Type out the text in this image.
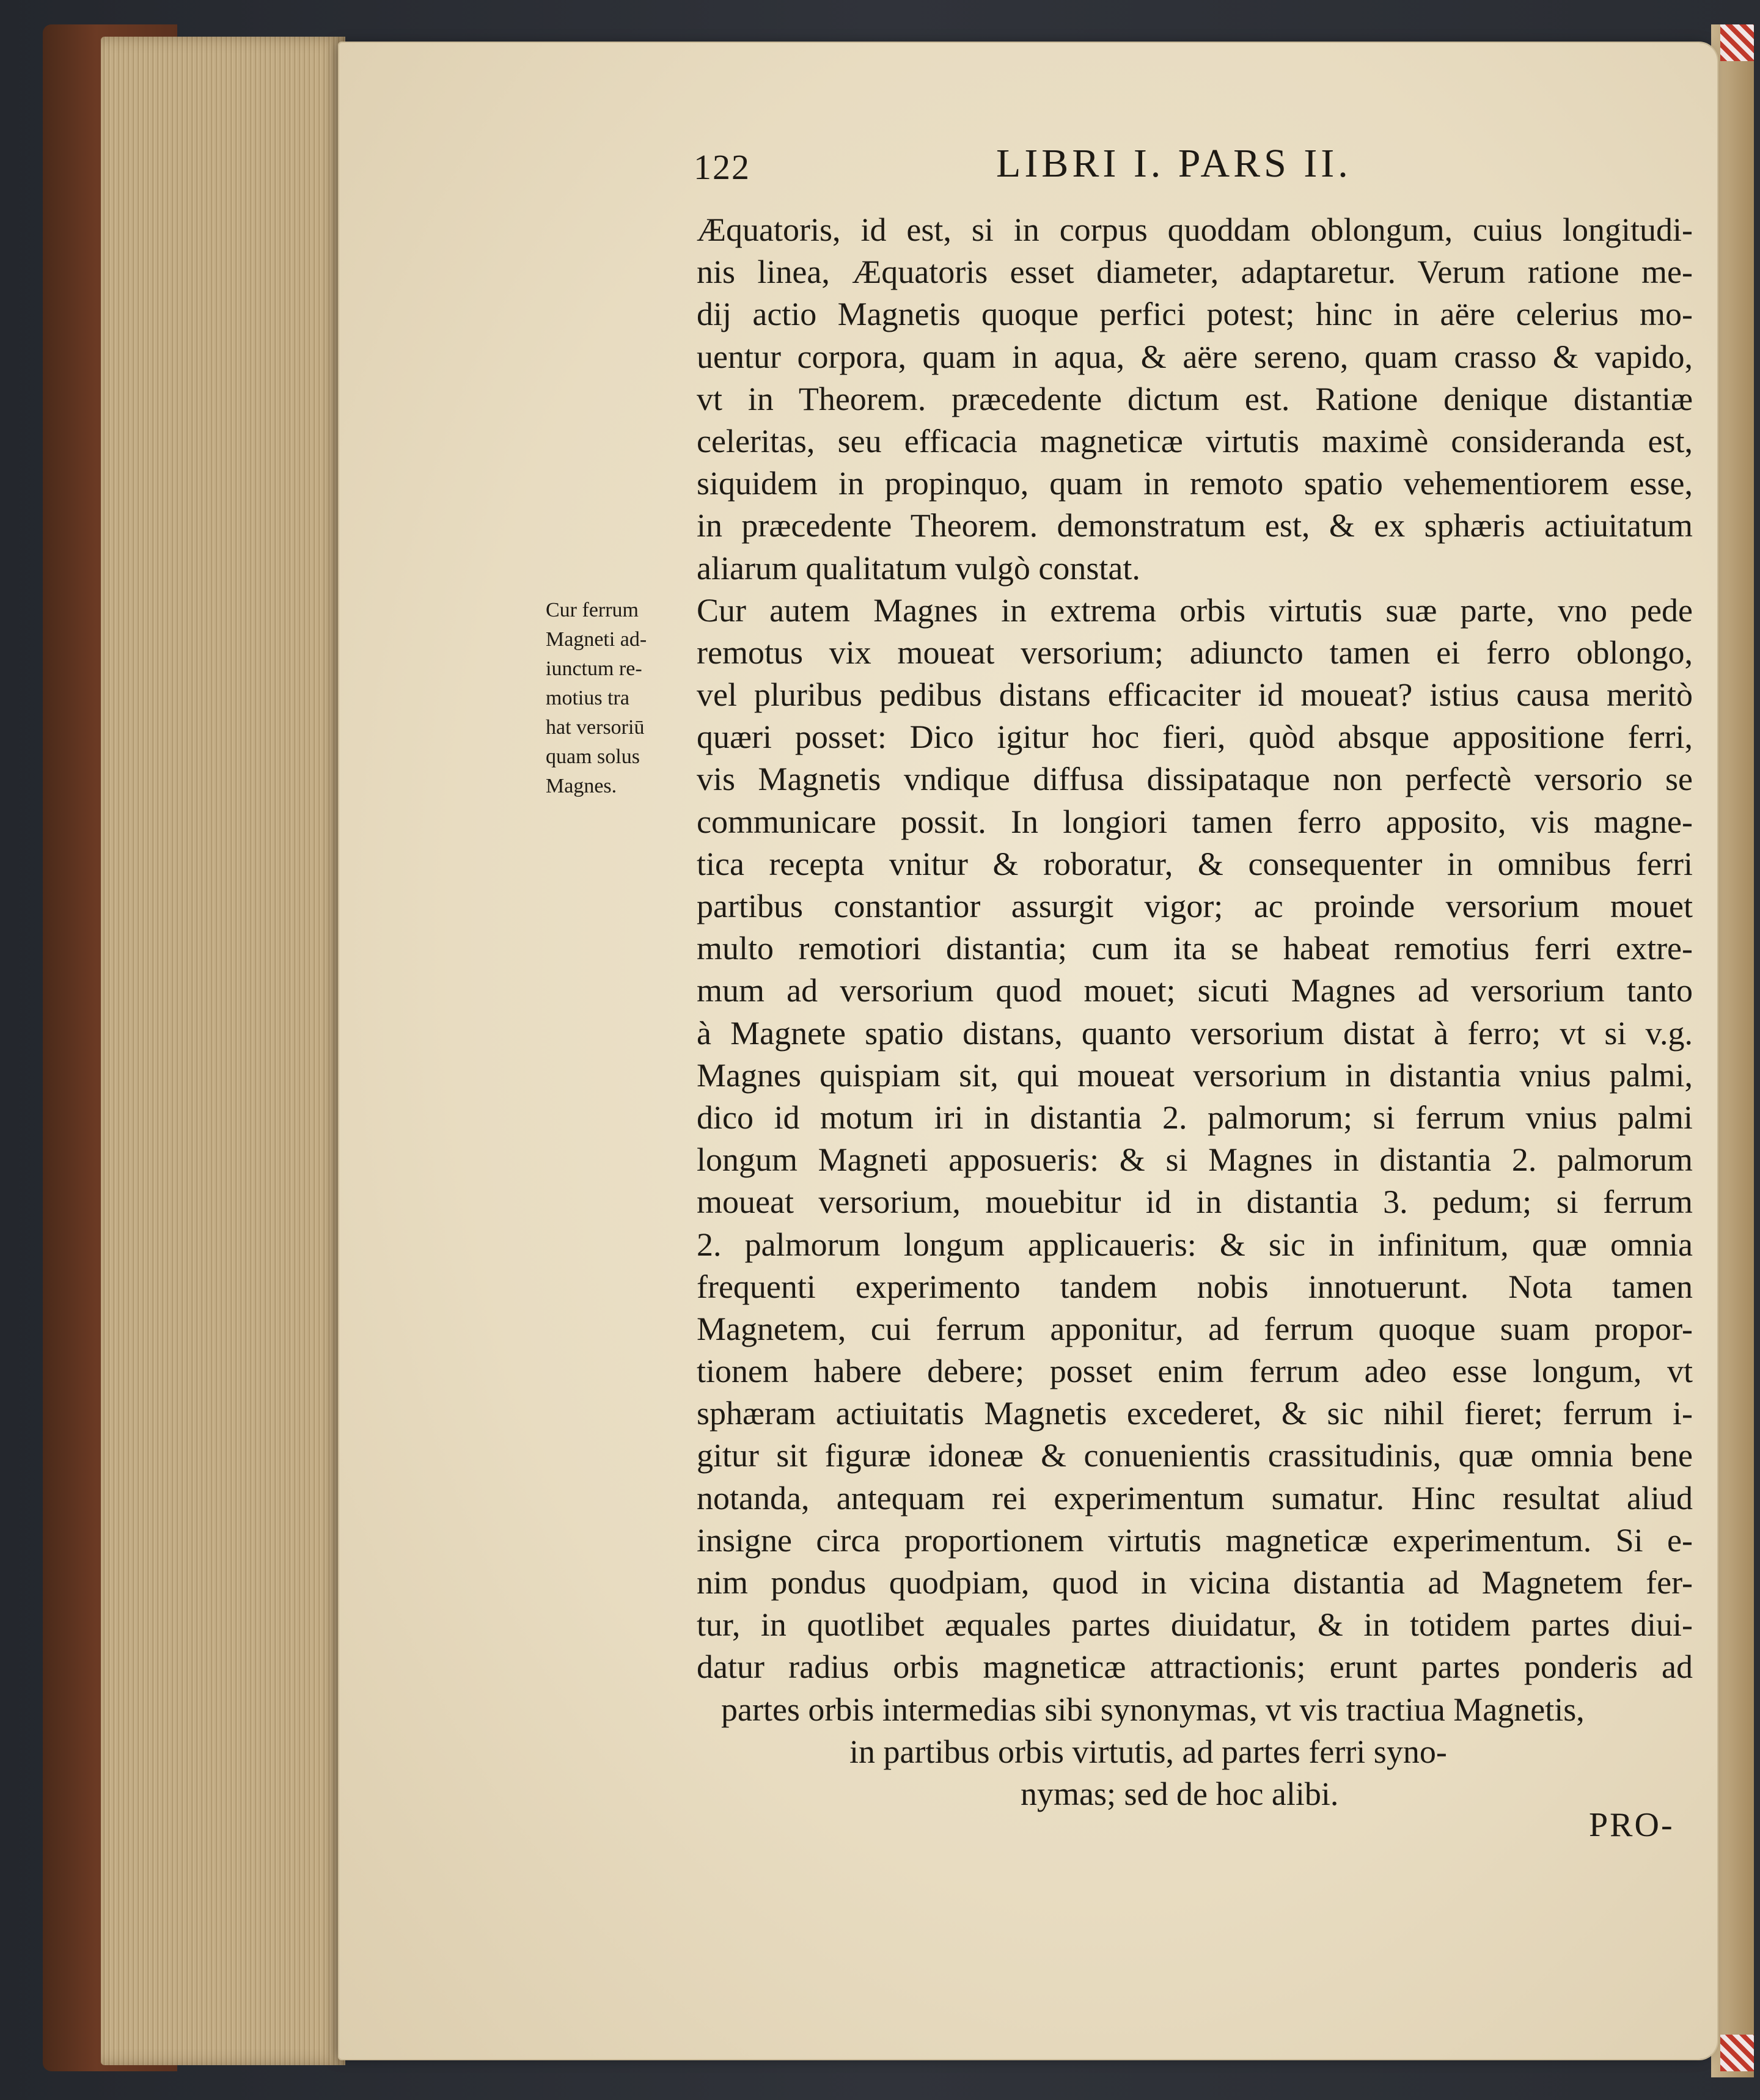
122	LIBRI I. PARS II.
Cur ferrum
Magneti ad-
iunctum re-
motius tra
hat versoriū
quam solus
Magnes.
Æquatoris, id est, si in corpus quoddam oblongum, cuius longitudi-
nis linea, Æquatoris esset diameter, adaptaretur. Verum ratione me-
dij actio Magnetis quoque perfici potest; hinc in aëre celerius mo-
uentur corpora, quam in aqua, & aëre sereno, quam crasso & vapido,
vt in Theorem. præcedente dictum est. Ratione denique distantiæ
celeritas, seu efficacia magneticæ virtutis maximè consideranda est,
siquidem in propinquo, quam in remoto spatio vehementiorem esse,
in præcedente Theorem. demonstratum est, & ex sphæris actiuitatum
aliarum qualitatum vulgò constat.
Cur autem Magnes in extrema orbis virtutis suæ parte, vno pede
remotus vix moueat versorium; adiuncto tamen ei ferro oblongo,
vel pluribus pedibus distans efficaciter id moueat? istius causa meritò
quæri posset: Dico igitur hoc fieri, quòd absque appositione ferri,
vis Magnetis vndique diffusa dissipataque non perfectè versorio se
communicare possit. In longiori tamen ferro apposito, vis magne-
tica recepta vnitur & roboratur, & consequenter in omnibus ferri
partibus constantior assurgit vigor; ac proinde versorium mouet
multo remotiori distantia; cum ita se habeat remotius ferri extre-
mum ad versorium quod mouet; sicuti Magnes ad versorium tanto
à Magnete spatio distans, quanto versorium distat à ferro; vt si v.g.
Magnes quispiam sit, qui moueat versorium in distantia vnius palmi,
dico id motum iri in distantia 2. palmorum; si ferrum vnius palmi
longum Magneti apposueris: & si Magnes in distantia 2. palmorum
moueat versorium, mouebitur id in distantia 3. pedum; si ferrum
2. palmorum longum applicaueris: & sic in infinitum, quæ omnia
frequenti experimento tandem nobis innotuerunt. Nota tamen
Magnetem, cui ferrum apponitur, ad ferrum quoque suam propor-
tionem habere debere; posset enim ferrum adeo esse longum, vt
sphæram actiuitatis Magnetis excederet, & sic nihil fieret; ferrum i-
gitur sit figuræ idoneæ & conuenientis crassitudinis, quæ omnia bene
notanda, antequam rei experimentum sumatur. Hinc resultat aliud
insigne circa proportionem virtutis magneticæ experimentum. Si e-
nim pondus quodpiam, quod in vicina distantia ad Magnetem fer-
tur, in quotlibet æquales partes diuidatur, & in totidem partes diui-
datur radius orbis magneticæ attractionis; erunt partes ponderis ad
partes orbis intermedias sibi synonymas, vt vis tractiua Magnetis,
in partibus orbis virtutis, ad partes ferri syno-
nymas; sed de hoc alibi.
PRO-
